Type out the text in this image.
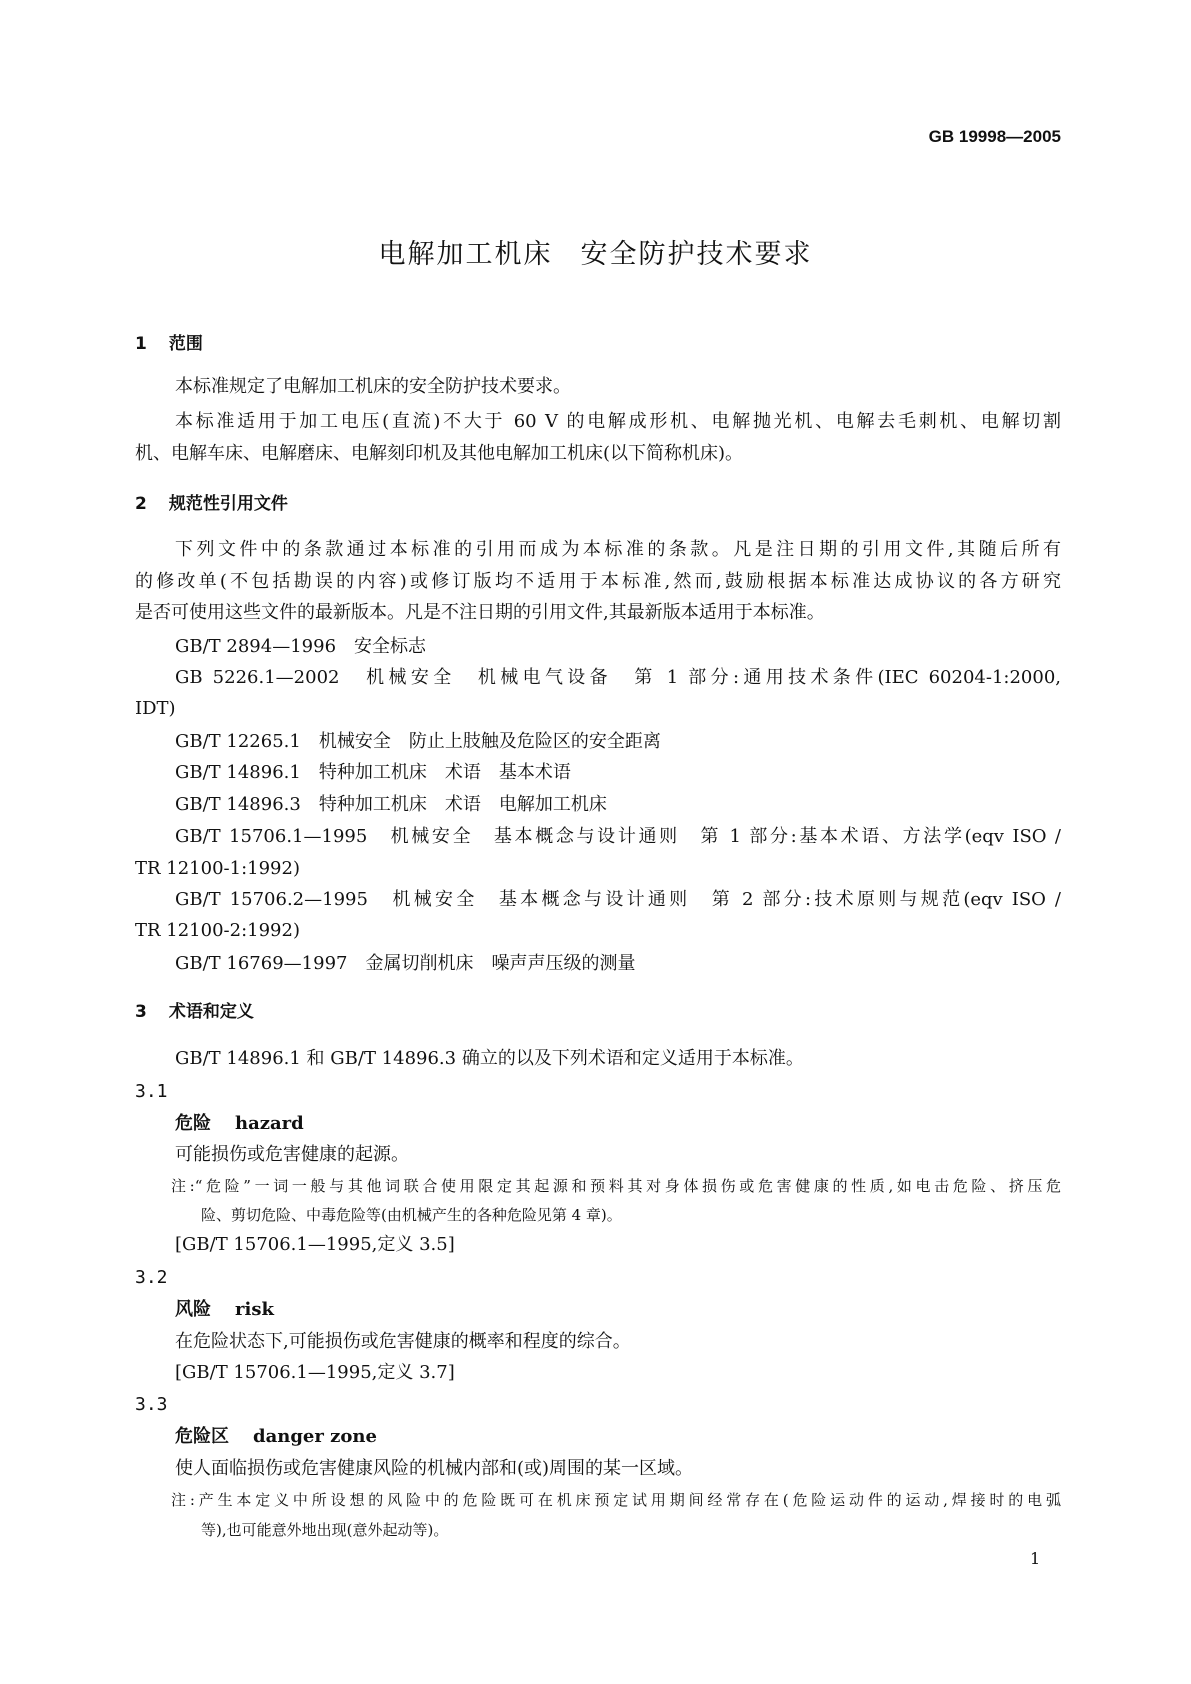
GB 19998—2005
电解加工机床 安全防护技术要求
1 范围
本标准规定了电解加工机床的安全防护技术要求。
本标准适用于加工电压(直流)不大于 60 V 的电解成形机、电解抛光机、电解去毛刺机、电解切割
机、电解车床、电解磨床、电解刻印机及其他电解加工机床(以下简称机床)。
2 规范性引用文件
下列文件中的条款通过本标准的引用而成为本标准的条款。凡是注日期的引用文件,其随后所有
的修改单(不包括勘误的内容)或修订版均不适用于本标准,然而,鼓励根据本标准达成协议的各方研究
是否可使用这些文件的最新版本。凡是不注日期的引用文件,其最新版本适用于本标准。
GB/T 2894—1996　安全标志
GB 5226.1—2002　机械安全　机械电气设备　第 1 部分:通用技术条件(IEC 60204-1:2000,
IDT)
GB/T 12265.1　机械安全　防止上肢触及危险区的安全距离
GB/T 14896.1　特种加工机床　术语　基本术语
GB/T 14896.3　特种加工机床　术语　电解加工机床
GB/T 15706.1—1995　机械安全　基本概念与设计通则　第 1 部分:基本术语、方法学(eqv ISO /
TR 12100-1:1992)
GB/T 15706.2—1995　机械安全　基本概念与设计通则　第 2 部分:技术原则与规范(eqv ISO /
TR 12100-2:1992)
GB/T 16769—1997　金属切削机床　噪声声压级的测量
3 术语和定义
GB/T 14896.1 和 GB/T 14896.3 确立的以及下列术语和定义适用于本标准。
3.1
危险 hazard
可能损伤或危害健康的起源。
注:“危险”一词一般与其他词联合使用限定其起源和预料其对身体损伤或危害健康的性质,如电击危险、挤压危
险、剪切危险、中毒危险等(由机械产生的各种危险见第 4 章)。
[GB/T 15706.1—1995,定义 3.5]
3.2
风险 risk
在危险状态下,可能损伤或危害健康的概率和程度的综合。
[GB/T 15706.1—1995,定义 3.7]
3.3
危险区 danger zone
使人面临损伤或危害健康风险的机械内部和(或)周围的某一区域。
注:产生本定义中所设想的风险中的危险既可在机床预定试用期间经常存在(危险运动件的运动,焊接时的电弧
等),也可能意外地出现(意外起动等)。
1
